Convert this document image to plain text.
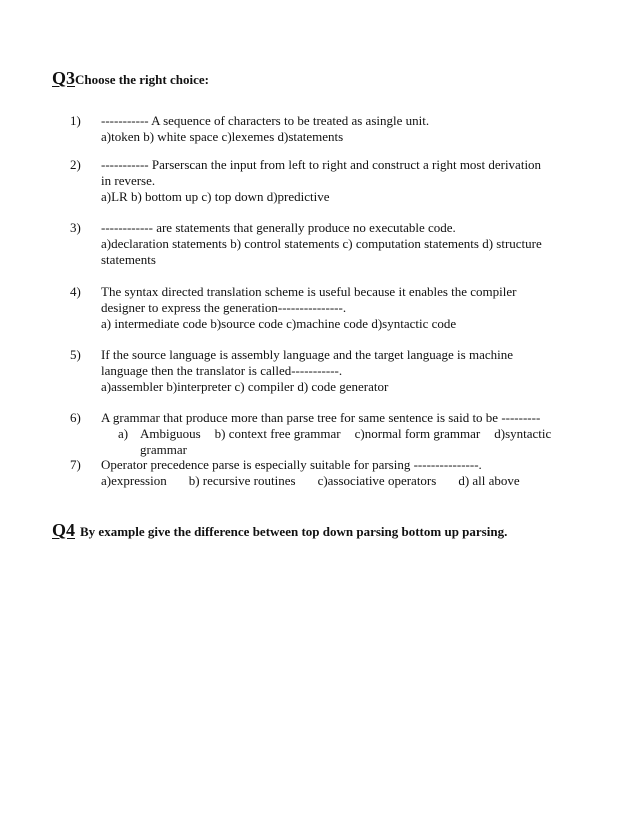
Q3Choose the right choice:
1) ----------- A sequence of characters to be treated as asingle unit.
a)token b) white space c)lexemes d)statements
2) ----------- Parserscan the input from left to right and construct a right most derivation
in reverse.
a)LR b) bottom up c) top down d)predictive
3) ------------ are statements that generally produce no executable code.
a)declaration statements b) control statements c) computation statements d) structure
statements
4) The syntax directed translation scheme is useful because it enables the compiler
designer to express the generation---------------.
a) intermediate code b)source code c)machine code d)syntactic code
5) If the source language is assembly language and the target language is machine
language then the translator is called-----------.
a)assembler b)interpreter c) compiler d) code generator
6) A grammar that produce more than parse tree for same sentence is said to be ---------
a) Ambiguous b) context free grammar c)normal form grammar d)syntactic
grammar
7) Operator precedence parse is especially suitable for parsing ---------------.
a)expression b) recursive routines c)associative operators d) all above
Q4 By example give the difference between top down parsing bottom up parsing.
